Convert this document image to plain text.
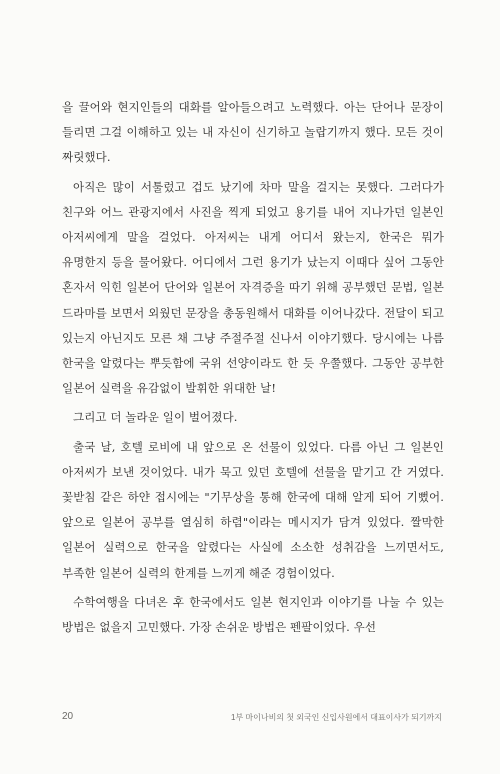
을 끌어와 현지인들의 대화를 알아들으려고 노력했다. 아는 단어나 문장이 들리면 그걸 이해하고 있는 내 자신이 신기하고 놀랍기까지 했다. 모든 것이 짜릿했다.

아직은 많이 서툴렀고 겁도 났기에 차마 말을 걸지는 못했다. 그러다가 친구와 어느 관광지에서 사진을 찍게 되었고 용기를 내어 지나가던 일본인 아저씨에게 말을 걸었다. 아저씨는 내게 어디서 왔는지, 한국은 뭐가 유명한지 등을 물어왔다. 어디에서 그런 용기가 났는지 이때다 싶어 그동안 혼자서 익힌 일본어 단어와 일본어 자격증을 따기 위해 공부했던 문법, 일본 드라마를 보면서 외웠던 문장을 총동원해서 대화를 이어나갔다. 전달이 되고 있는지 아닌지도 모른 채 그냥 주절주절 신나서 이야기했다. 당시에는 나름 한국을 알렸다는 뿌듯함에 국위 선양이라도 한 듯 우쭐했다. 그동안 공부한 일본어 실력을 유감없이 발휘한 위대한 날!

그리고 더 놀라운 일이 벌어졌다.

출국 날, 호텔 로비에 내 앞으로 온 선물이 있었다. 다름 아닌 그 일본인 아저씨가 보낸 것이었다. 내가 묵고 있던 호텔에 선물을 맡기고 간 거였다. 꽃받침 같은 하얀 접시에는 "기무상을 통해 한국에 대해 알게 되어 기뻤어. 앞으로 일본어 공부를 열심히 하렴"이라는 메시지가 담겨 있었다. 짤막한 일본어 실력으로 한국을 알렸다는 사실에 소소한 성취감을 느끼면서도, 부족한 일본어 실력의 한계를 느끼게 해준 경험이었다.

수학여행을 다녀온 후 한국에서도 일본 현지인과 이야기를 나눌 수 있는 방법은 없을지 고민했다. 가장 손쉬운 방법은 펜팔이었다. 우선

20	1부 마이나비의 첫 외국인 신입사원에서 대표이사가 되기까지
